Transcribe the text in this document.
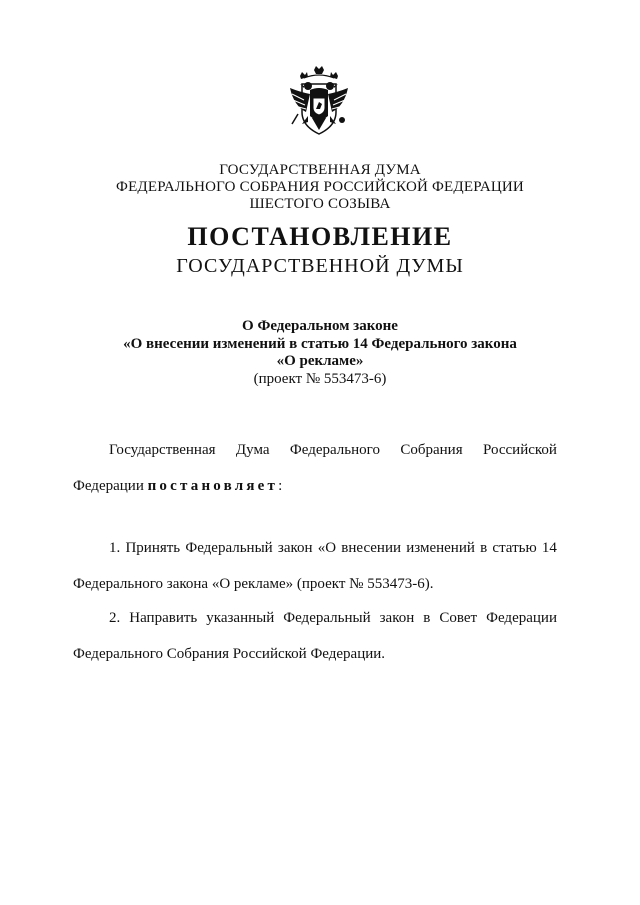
ГОСУДАРСТВЕННАЯ ДУМА
ФЕДЕРАЛЬНОГО СОБРАНИЯ РОССИЙСКОЙ ФЕДЕРАЦИИ
ШЕСТОГО СОЗЫВА
ПОСТАНОВЛЕНИЕ
ГОСУДАРСТВЕННОЙ ДУМЫ
О Федеральном законе
«О внесении изменений в статью 14 Федерального закона
«О рекламе»
(проект № 553473-6)
Государственная Дума Федерального Собрания Российской
Федерации постановляет:
1. Принять Федеральный закон «О внесении изменений в статью 14
Федерального закона «О рекламе» (проект № 553473-6).
2. Направить указанный Федеральный закон в Совет Федерации
Федерального Собрания Российской Федерации.
